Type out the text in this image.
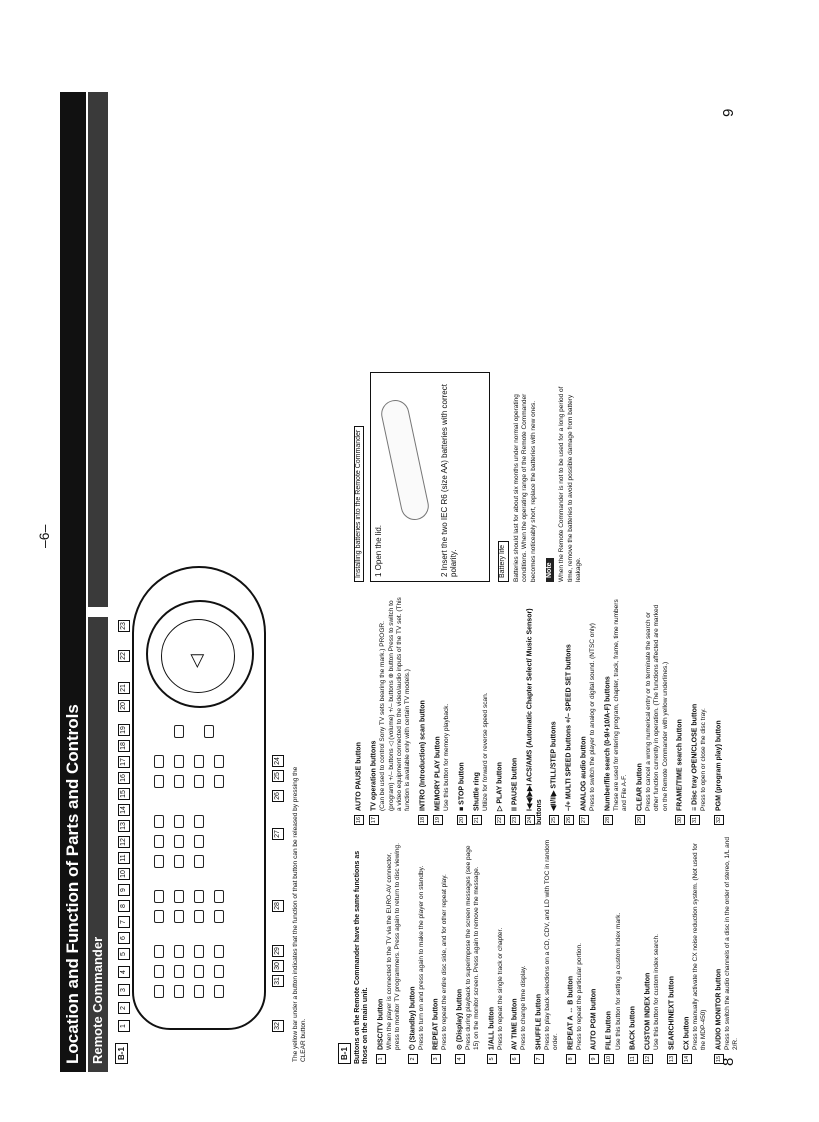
Location and Function of Parts and Controls Remote Commander B-1
◁
32
31
30
29
28
27
26
25
24
1
2
3
4
5
6
7
8
9
10
11
12
13
14
15
16
17
18
19
20
21
22
23
The yellow bar under a button indicates that the function of that button can be released by pressing the CLEAR button.	B-1 Buttons on the Remote Commander have the same functions as those on the main unit.	1DISC/TV button When the player is connected to the TV via the EURO-AV connector, press to monitor TV programmers. Press again to return to disc viewing.
2⏻ (Standby) button Press to turn on and press again to make the player on standby.
3REPEAT button Press to repeat the entire disc side, and for other repeat play.
4⊙ (Display) button Press during playback to superimpose the screen messages (see page 15) on the monitor screen. Press again to remove the message.
51/ALL button Press to repeat the single track or chapter.
6AV TIME button Press to change time display.
7SHUFFLE button Press to play back selections on a CD, CDV, and LD with TOC in random order.
8REPEAT A ↔ B button Press to repeat the particular portion.
9AUTO PGM button
10FILE button Use this button for setting a custom index mark.
11BACK button
12CUSTOM INDEX button Use this button for custom index search.
13SEARCH/NEXT button
14CX button Press to manually activate the CX noise reduction system. (Not used for the MDP-450)
15AUDIO MONITOR button Press to switch the audio channels of a disc in the order of stereo, 1/L and 2/R.
16AUTO PAUSE button
17TV operation buttons (Can be used to control Sony TV sets bearing the mark.) PROGR. (program) +/– buttons ◁ (volume) +/– buttons ⊕ button Press to switch to a video equipment connected to the video/audio inputs of the TV set. (This function is available only with certain TV models.)
18INTRO (Introduction) scan button
19MEMORY PLAY button Use this button for memory playback.
20■ STOP button
21Shuttle ring Utilize for forward or reverse speed scan.
22▷ PLAY button
23II PAUSE button
24I◀◀/▶▶I ACS/AMS (Automatic Chapter Select/ Music Sensor) buttons	25◀II/II▶ STILL/STEP buttons
26–/+ MULTI SPEED buttons +/– SPEED SET buttons
27ANALOG audio button Press to switch the player to analog or digital sound. (NTSC only)
28Number/file search (0-9/+10/A-F) buttons These are used for entering program, chapter, track, frame, time numbers and File A-F.
29CLEAR button Press to cancel a wrong numerical entry or to terminate the search or other function currently in operation. (The functions affected are marked on the Remote Commander with yellow underlines.)
30FRAME/TIME search button
31≡ Disc tray OPEN/CLOSE button Press to open or close the disc tray.
32PGM (program play) button
Installing batteries into the Remote Commander 1 Open the lid.	2 Insert the two IEC R6 (size AA) batteries with correct polarity.	Battery life Batteries should last for about six months under normal operating conditions. When the operating range of the Remote Commander becomes noticeably short, replace the batteries with new ones. Note When the Remote Commander is not to be used for a long period of time, remove the batteries to avoid possible damage from battery leakage.
8
9
–6–
